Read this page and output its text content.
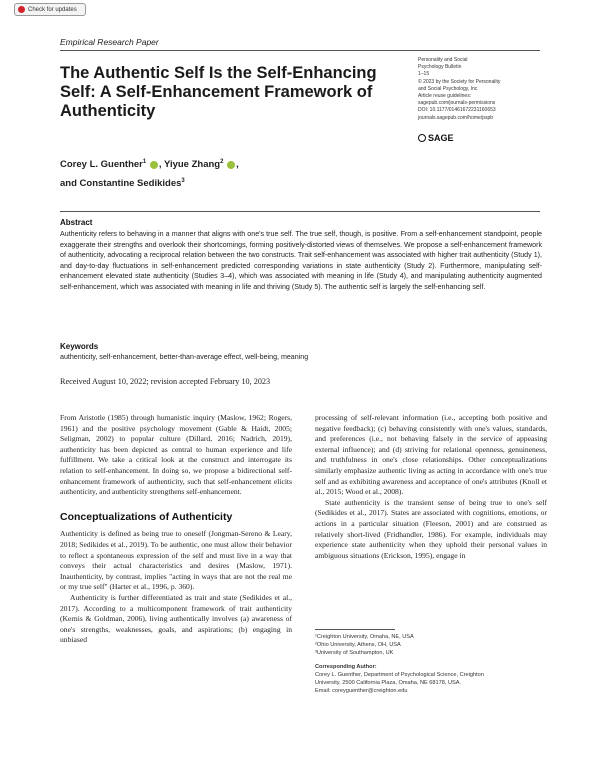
Check for updates
Empirical Research Paper
The Authentic Self Is the Self-Enhancing Self: A Self-Enhancement Framework of Authenticity
Personality and Social
Psychology Bulletin
1–15
© 2023 by the Society for Personality
and Social Psychology, Inc
Article reuse guidelines:
sagepub.com/journals-permissions
DOI: 10.1177/01461672231160653
journals.sagepub.com/home/pspb
SAGE
Corey L. Guenther$^1$ , Yiyue Zhang$^2$ ,
and Constantine Sedikides$^3$
Abstract
Authenticity refers to behaving in a manner that aligns with one's true self. The true self, though, is positive. From a self-enhancement standpoint, people exaggerate their strengths and overlook their shortcomings, forming positively-distorted views of themselves. We propose a self-enhancement framework of authenticity, advocating a reciprocal relation between the two constructs. Trait self-enhancement was associated with higher trait authenticity (Study 1), and day-to-day fluctuations in self-enhancement predicted corresponding variations in state authenticity (Study 2). Furthermore, manipulating self-enhancement elevated state authenticity (Studies 3–4), which was associated with meaning in life (Study 4), and manipulating authenticity augmented self-enhancement, which was associated with meaning in life and thriving (Study 5). The authentic self is largely the self-enhancing self.
Keywords
authenticity, self-enhancement, better-than-average effect, well-being, meaning
Received August 10, 2022; revision accepted February 10, 2023

From Aristotle (1985) through humanistic inquiry (Maslow, 1962; Rogers, 1961) and the positive psychology movement (Gable & Haidt, 2005; Seligman, 2002) to popular culture (Dillard, 2016; Nadrich, 2019), authenticity has been depicted as central to human experience and life fulfillment. We take a critical look at the construct and interrogate its relation to self-enhancement. In doing so, we propose a bidirectional self-enhancement framework of authenticity, such that self-enhancement elicits authenticity, and authenticity strengthens self-enhancement.

Conceptualizations of Authenticity

Authenticity is defined as being true to oneself (Jongman-Sereno & Leary, 2018; Sedikides et al., 2019). To be authentic, one must allow their behavior to reflect a spontaneous expression of the self and must live in a way that conveys their actual characteristics and desires (Maslow, 1971). Inauthenticity, by contrast, implies "acting in ways that are not the real me or my true self" (Harter et al., 1996, p. 360).

Authenticity is further differentiated as trait and state (Sedikides et al., 2017). According to a multicomponent framework of trait authenticity (Kernis & Goldman, 2006), living authentically involves (a) awareness of one's strengths, weaknesses, goals, and aspirations; (b) engaging in unbiased

processing of self-relevant information (i.e., accepting both positive and negative feedback); (c) behaving consistently with one's values, standards, and preferences (i.e., not behaving falsely in the service of appeasing external influence); and (d) striving for relational openness, genuineness, and truthfulness in one's close relationships. Other conceptualizations similarly emphasize authentic living as acting in accordance with one's true self and as exhibiting awareness and acceptance of one's attributes (Knoll et al., 2015; Wood et al., 2008).

State authenticity is the transient sense of being true to one's self (Sedikides et al., 2017). States are associated with cognitions, emotions, or actions in a particular situation (Fleeson, 2001) and are construed as relatively short-lived (Fridhandler, 1986). For example, individuals may experience state authenticity when they uphold their personal values in ambiguous situations (Erickson, 1995), engage in

¹Creighton University, Omaha, NE, USA
²Ohio University, Athens, OH, USA
³University of Southampton, UK
Corresponding Author:
Corey L. Guenther, Department of Psychological Science, Creighton
University, 2500 California Plaza, Omaha, NE 68178, USA.
Email: coreyguenther@creighton.edu
